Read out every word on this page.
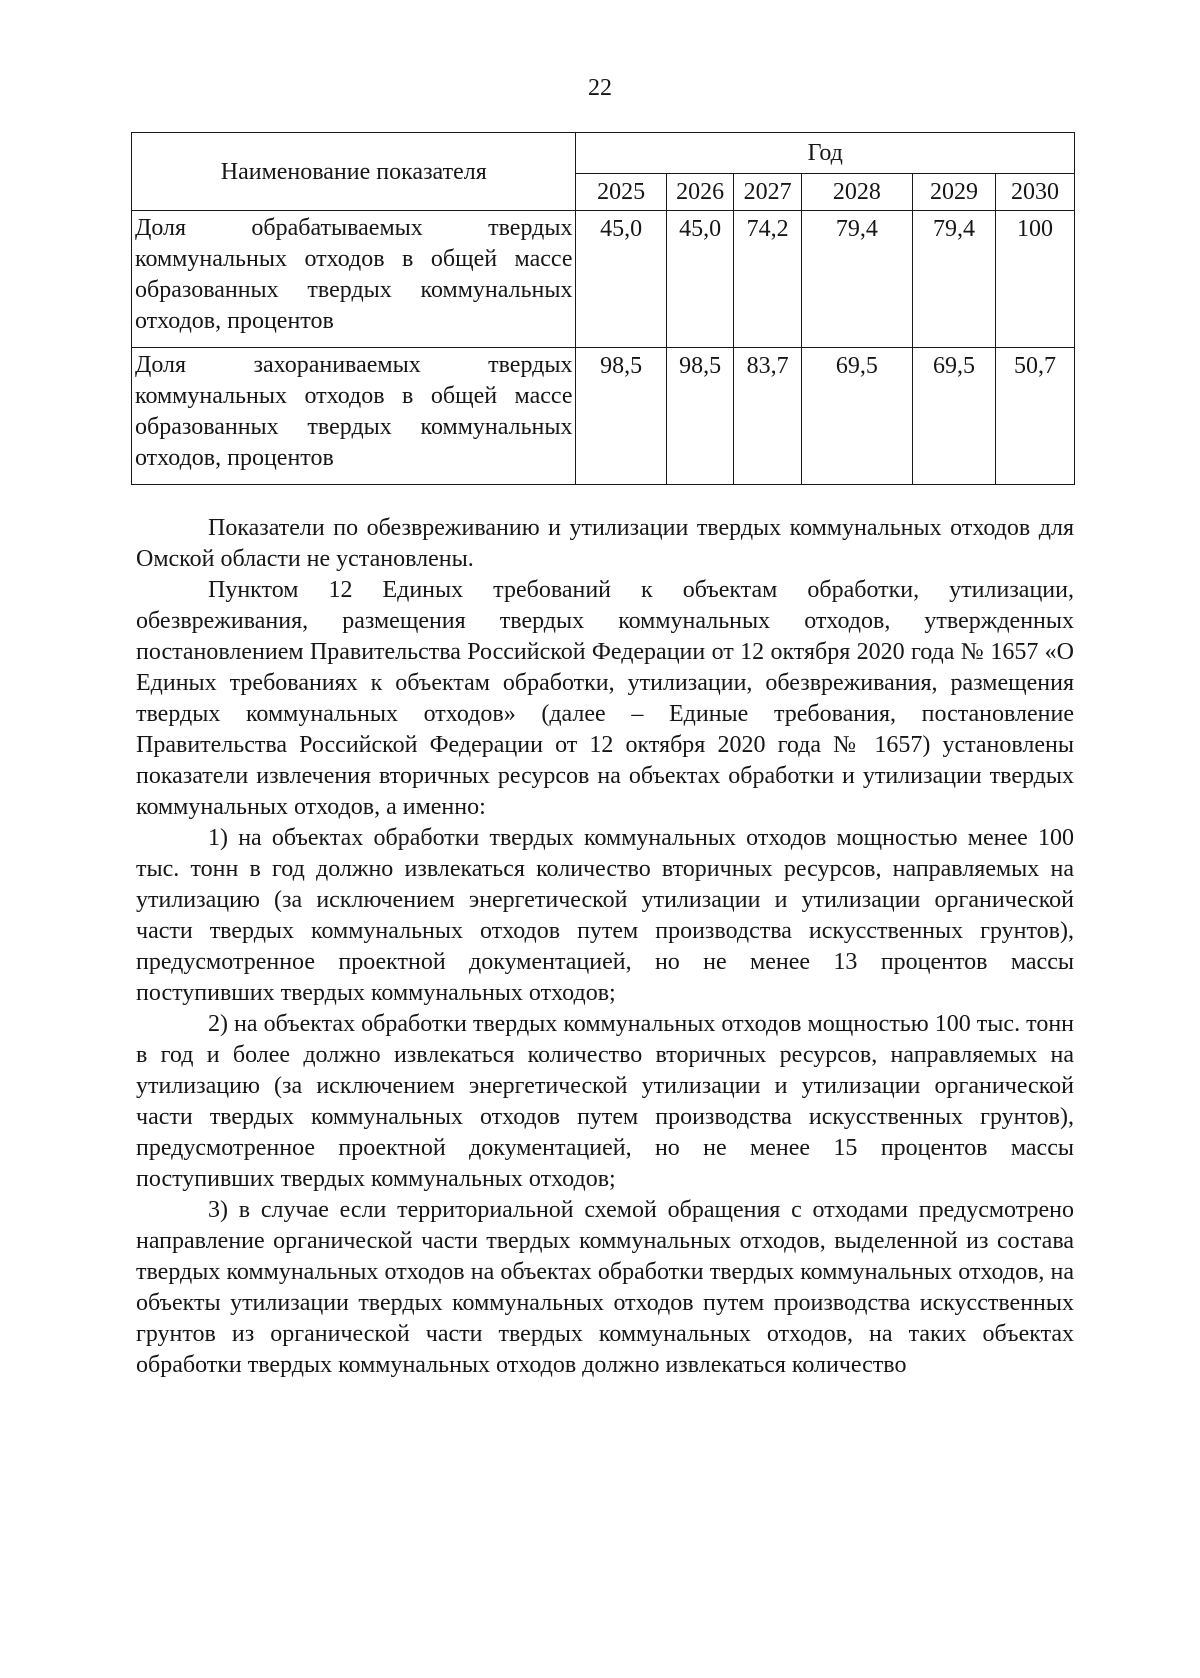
22
Наименование показателя	Год					
	2025	2026	2027	2028	2029	2030
Доля обрабатываемых твердых коммунальных отходов в общей массе образованных твердых коммунальных отходов, процентов	45,0	45,0	74,2	79,4	79,4	100
Доля захораниваемых твердых коммунальных отходов в общей массе образованных твердых коммунальных отходов, процентов	98,5	98,5	83,7	69,5	69,5	50,7

Показатели по обезвреживанию и утилизации твердых коммунальных отходов для Омской области не установлены.

Пунктом 12 Единых требований к объектам обработки, утилизации, обезвреживания, размещения твердых коммунальных отходов, утвержденных постановлением Правительства Российской Федерации от 12 октября 2020 года № 1657 «О Единых требованиях к объектам обработки, утилизации, обезвреживания, размещения твердых коммунальных отходов» (далее – Единые требования, постановление Правительства Российской Федерации от 12 октября 2020 года № 1657) установлены показатели извлечения вторичных ресурсов на объектах обработки и утилизации твердых коммунальных отходов, а именно:

1) на объектах обработки твердых коммунальных отходов мощностью менее 100 тыс. тонн в год должно извлекаться количество вторичных ресурсов, направляемых на утилизацию (за исключением энергетической утилизации и утилизации органической части твердых коммунальных отходов путем производства искусственных грунтов), предусмотренное проектной документацией, но не менее 13 процентов массы поступивших твердых коммунальных отходов;

2) на объектах обработки твердых коммунальных отходов мощностью 100 тыс. тонн в год и более должно извлекаться количество вторичных ресурсов, направляемых на утилизацию (за исключением энергетической утилизации и утилизации органической части твердых коммунальных отходов путем производства искусственных грунтов), предусмотренное проектной документацией, но не менее 15 процентов массы поступивших твердых коммунальных отходов;

3) в случае если территориальной схемой обращения с отходами предусмотрено направление органической части твердых коммунальных отходов, выделенной из состава твердых коммунальных отходов на объектах обработки твердых коммунальных отходов, на объекты утилизации твердых коммунальных отходов путем производства искусственных грунтов из органической части твердых коммунальных отходов, на таких объектах обработки твердых коммунальных отходов должно извлекаться количество
